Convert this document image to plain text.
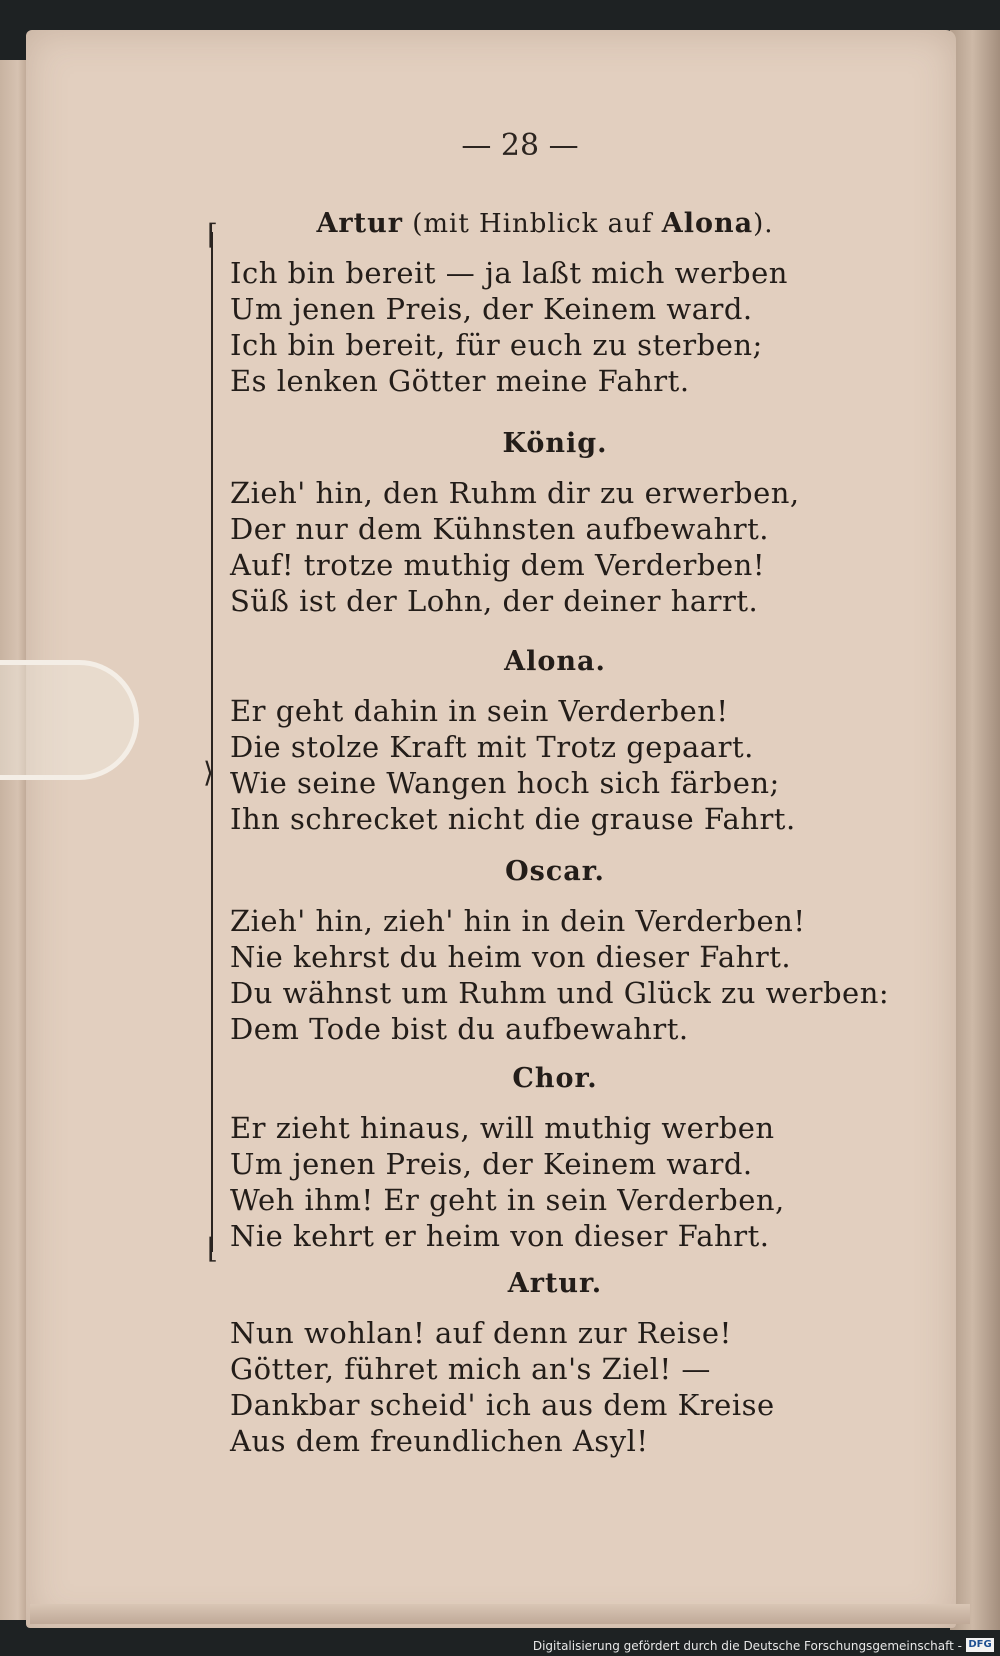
— 28 —
⌈
⟩
⌊
Artur (mit Hinblick auf Alona).
Ich bin bereit — ja laßt mich werben
Um jenen Preis, der Keinem ward.
Ich bin bereit, für euch zu sterben;
Es lenken Götter meine Fahrt.
König.
Zieh' hin, den Ruhm dir zu erwerben,
Der nur dem Kühnsten aufbewahrt.
Auf! trotze muthig dem Verderben!
Süß ist der Lohn, der deiner harrt.
Alona.
Er geht dahin in sein Verderben!
Die stolze Kraft mit Trotz gepaart.
Wie seine Wangen hoch sich färben;
Ihn schrecket nicht die grause Fahrt.
Oscar.
Zieh' hin, zieh' hin in dein Verderben!
Nie kehrst du heim von dieser Fahrt.
Du wähnst um Ruhm und Glück zu werben:
Dem Tode bist du aufbewahrt.
Chor.
Er zieht hinaus, will muthig werben
Um jenen Preis, der Keinem ward.
Weh ihm! Er geht in sein Verderben,
Nie kehrt er heim von dieser Fahrt.
Artur.
Nun wohlan! auf denn zur Reise!
Götter, führet mich an's Ziel! —
Dankbar scheid' ich aus dem Kreise
Aus dem freundlichen Asyl!
Digitalisierung gefördert durch die Deutsche Forschungsgemeinschaft - DFG
